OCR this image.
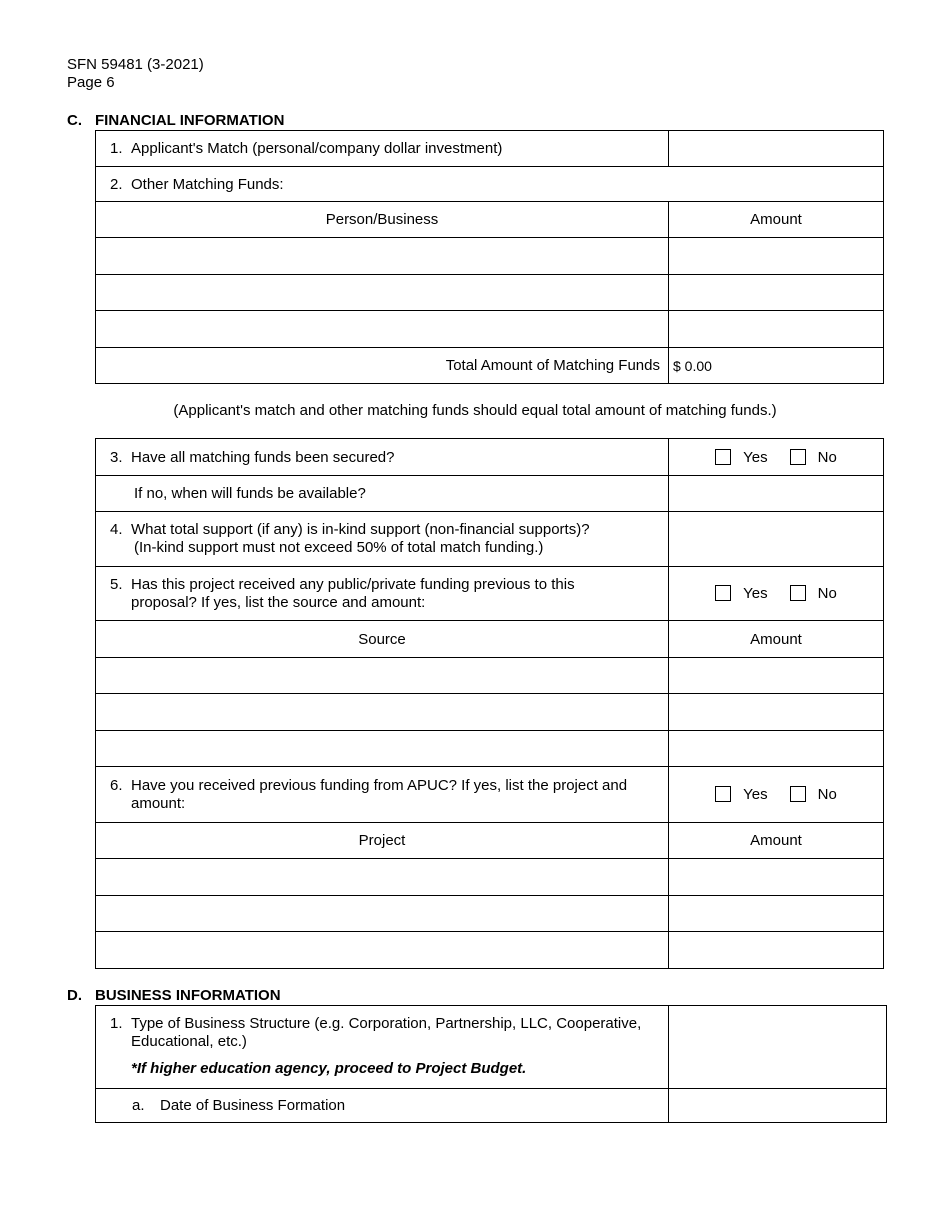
SFN 59481 (3-2021)
Page 6
C. FINANCIAL INFORMATION
1. Applicant's Match (personal/company dollar investment)	
2. Other Matching Funds:	
Person/Business	Amount

Total Amount of Matching Funds	$ 0.00
(Applicant's match and other matching funds should equal total amount of matching funds.)
3. Have all matching funds been secured?	Yes No
If no, when will funds be available?	
4. What total support (if any) is in-kind support (non-financial supports)?
(In-kind support must not exceed 50% of total match funding.)	

5. Has this project received any public/private funding previous to this
proposal? If yes, list the source and amount:	Yes No
Source	Amount

6. Have you received previous funding from APUC? If yes, list the project and
amount:	Yes No
Project	Amount

D. BUSINESS INFORMATION
1. Type of Business Structure (e.g. Corporation, Partnership, LLC, Cooperative,
Educational, etc.)
*If higher education agency, proceed to Project Budget.	

a. Date of Business Formation	
